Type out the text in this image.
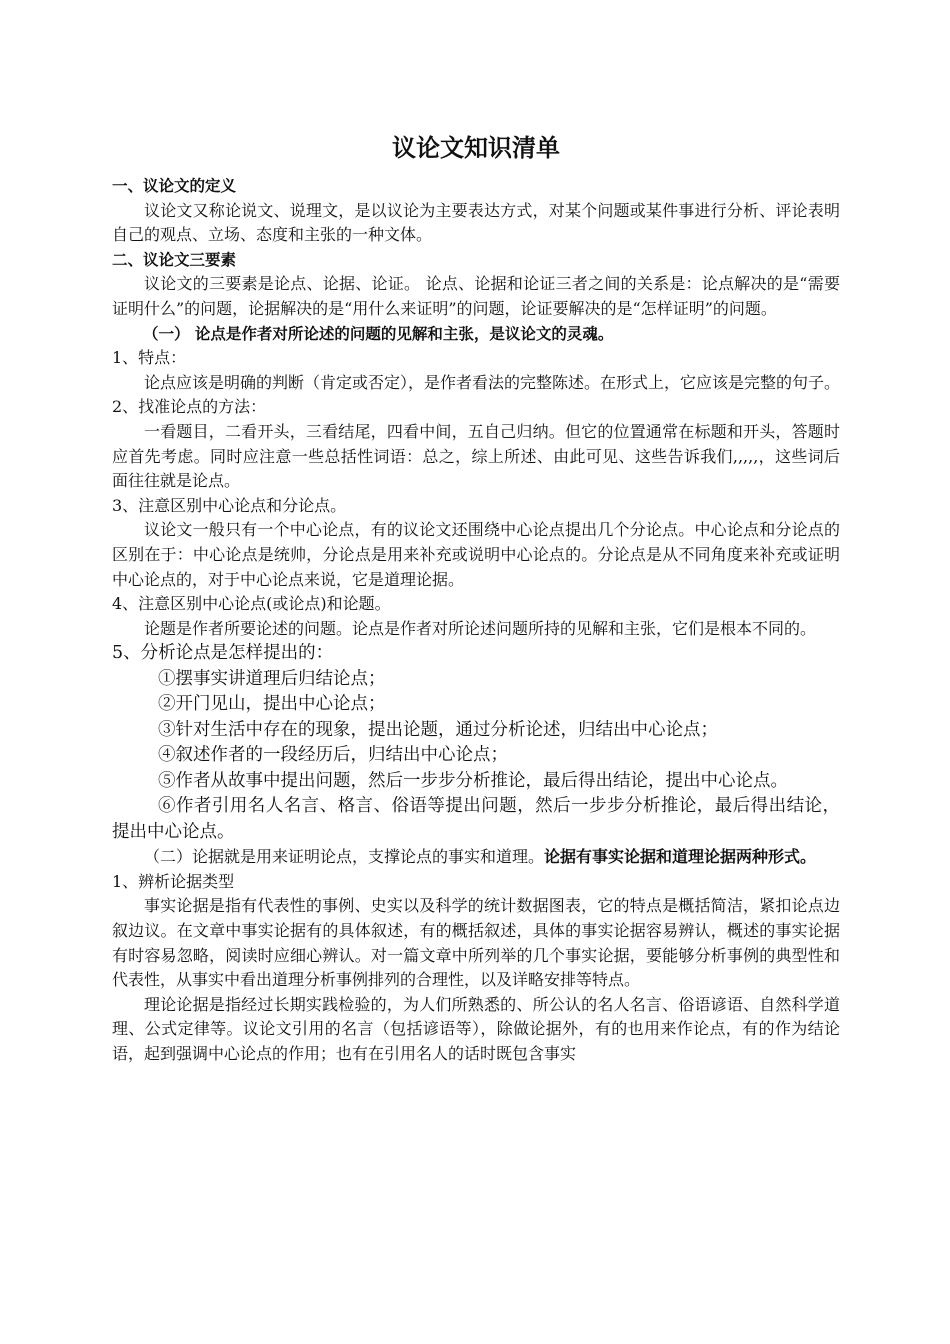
议论文知识清单

一、议论文的定义

议论文又称论说文、说理文，是以议论为主要表达方式，对某个问题或某件事进行分析、评论表明自己的观点、立场、态度和主张的一种文体。

二、议论文三要素

议论文的三要素是论点、论据、论证。 论点、论据和论证三者之间的关系是：论点解决的是“需要证明什么”的问题，论据解决的是“用什么来证明”的问题，论证要解决的是“怎样证明”的问题。

（一） 论点是作者对所论述的问题的见解和主张，是议论文的灵魂。

1、特点：

论点应该是明确的判断（肯定或否定），是作者看法的完整陈述。在形式上，它应该是完整的句子。

2、找准论点的方法：

一看题目，二看开头，三看结尾，四看中间，五自己归纳。但它的位置通常在标题和开头，答题时应首先考虑。同时应注意一些总括性词语：总之，综上所述、由此可见、这些告诉我们,,,,,，这些词后面往往就是论点。

3、注意区别中心论点和分论点。

议论文一般只有一个中心论点，有的议论文还围绕中心论点提出几个分论点。中心论点和分论点的区别在于：中心论点是统帅，分论点是用来补充或说明中心论点的。分论点是从不同角度来补充或证明中心论点的，对于中心论点来说，它是道理论据。

4、注意区别中心论点(或论点)和论题。

论题是作者所要论述的问题。论点是作者对所论述问题所持的见解和主张，它们是根本不同的。

5、分析论点是怎样提出的：

①摆事实讲道理后归结论点；

②开门见山，提出中心论点；

③针对生活中存在的现象，提出论题，通过分析论述，归结出中心论点；

④叙述作者的一段经历后，归结出中心论点；

⑤作者从故事中提出问题，然后一步步分析推论，最后得出结论，提出中心论点。

⑥作者引用名人名言、格言、俗语等提出问题，然后一步步分析推论，最后得出结论，提出中心论点。

（二）论据就是用来证明论点，支撑论点的事实和道理。论据有事实论据和道理论据两种形式。

1、辨析论据类型

事实论据是指有代表性的事例、史实以及科学的统计数据图表，它的特点是概括简洁，紧扣论点边叙边议。在文章中事实论据有的具体叙述，有的概括叙述，具体的事实论据容易辨认，概述的事实论据有时容易忽略，阅读时应细心辨认。对一篇文章中所列举的几个事实论据，要能够分析事例的典型性和代表性，从事实中看出道理分析事例排列的合理性，以及详略安排等特点。

理论论据是指经过长期实践检验的，为人们所熟悉的、所公认的名人名言、俗语谚语、自然科学道理、公式定律等。议论文引用的名言（包括谚语等），除做论据外，有的也用来作论点，有的作为结论语，起到强调中心论点的作用；也有在引用名人的话时既包含事实
